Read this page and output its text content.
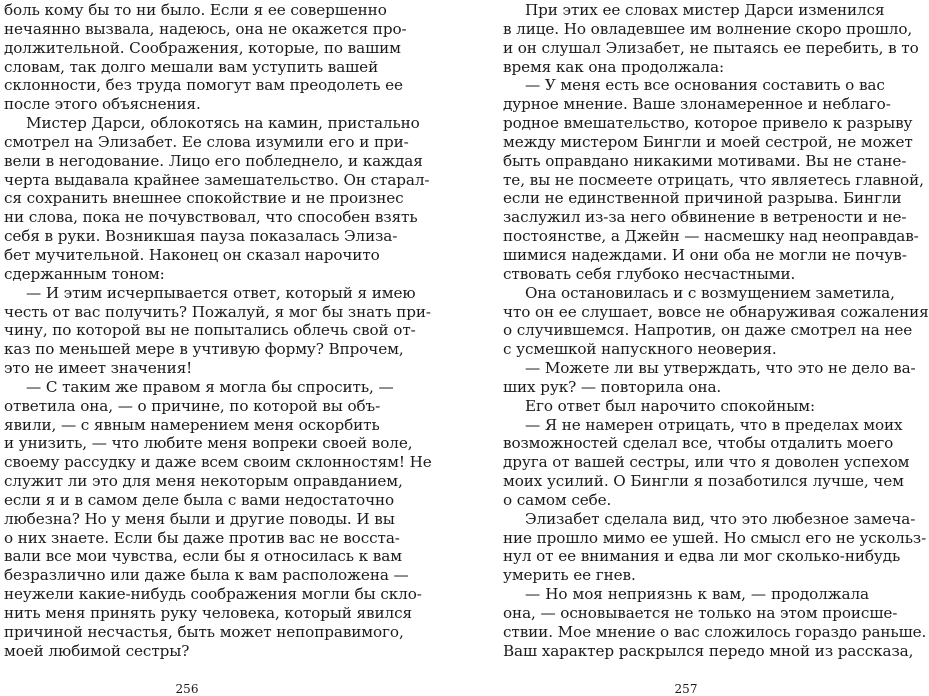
боль кому бы то ни было. Если я ее совершенно
нечаянно вызвала, надеюсь, она не окажется про-
должительной. Соображения, которые, по вашим
словам, так долго мешали вам уступить вашей
склонности, без труда помогут вам преодолеть ее
после этого объяснения.
Мистер Дарси, облокотясь на камин, пристально
смотрел на Элизабет. Ее слова изумили его и при-
вели в негодование. Лицо его побледнело, и каждая
черта выдавала крайнее замешательство. Он старал-
ся сохранить внешнее спокойствие и не произнес
ни слова, пока не почувствовал, что способен взять
себя в руки. Возникшая пауза показалась Элиза-
бет мучительной. Наконец он сказал нарочито
сдержанным тоном:
— И этим исчерпывается ответ, который я имею
честь от вас получить? Пожалуй, я мог бы знать при-
чину, по которой вы не попытались облечь свой от-
каз по меньшей мере в учтивую форму? Впрочем,
это не имеет значения!
— С таким же правом я могла бы спросить, —
ответила она, — о причине, по которой вы объ-
явили, — с явным намерением меня оскорбить
и унизить, — что любите меня вопреки своей воле,
своему рассудку и даже всем своим склонностям! Не
служит ли это для меня некоторым оправданием,
если я и в самом деле была с вами недостаточно
любезна? Но у меня были и другие поводы. И вы
о них знаете. Если бы даже против вас не восста-
вали все мои чувства, если бы я относилась к вам
безразлично или даже была к вам расположена —
неужели какие-нибудь соображения могли бы скло-
нить меня принять руку человека, который явился
причиной несчастья, быть может непоправимого,
моей любимой сестры?
256
При этих ее словах мистер Дарси изменился
в лице. Но овладевшее им волнение скоро прошло,
и он слушал Элизабет, не пытаясь ее перебить, в то
время как она продолжала:
— У меня есть все основания составить о вас
дурное мнение. Ваше злонамеренное и неблаго-
родное вмешательство, которое привело к разрыву
между мистером Бингли и моей сестрой, не может
быть оправдано никакими мотивами. Вы не стане-
те, вы не посмеете отрицать, что являетесь главной,
если не единственной причиной разрыва. Бингли
заслужил из-за него обвинение в ветрености и не-
постоянстве, а Джейн — насмешку над неоправдав-
шимися надеждами. И они оба не могли не почув-
ствовать себя глубоко несчастными.
Она остановилась и с возмущением заметила,
что он ее слушает, вовсе не обнаруживая сожаления
о случившемся. Напротив, он даже смотрел на нее
с усмешкой напускного неоверия.
— Можете ли вы утверждать, что это не дело ва-
ших рук? — повторила она.
Его ответ был нарочито спокойным:
— Я не намерен отрицать, что в пределах моих
возможностей сделал все, чтобы отдалить моего
друга от вашей сестры, или что я доволен успехом
моих усилий. О Бингли я позаботился лучше, чем
о самом себе.
Элизабет сделала вид, что это любезное замеча-
ние прошло мимо ее ушей. Но смысл его не ускольз-
нул от ее внимания и едва ли мог сколько-нибудь
умерить ее гнев.
— Но моя неприязнь к вам, — продолжала
она, — основывается не только на этом происше-
ствии. Мое мнение о вас сложилось гораздо раньше.
Ваш характер раскрылся передо мной из рассказа,
257
